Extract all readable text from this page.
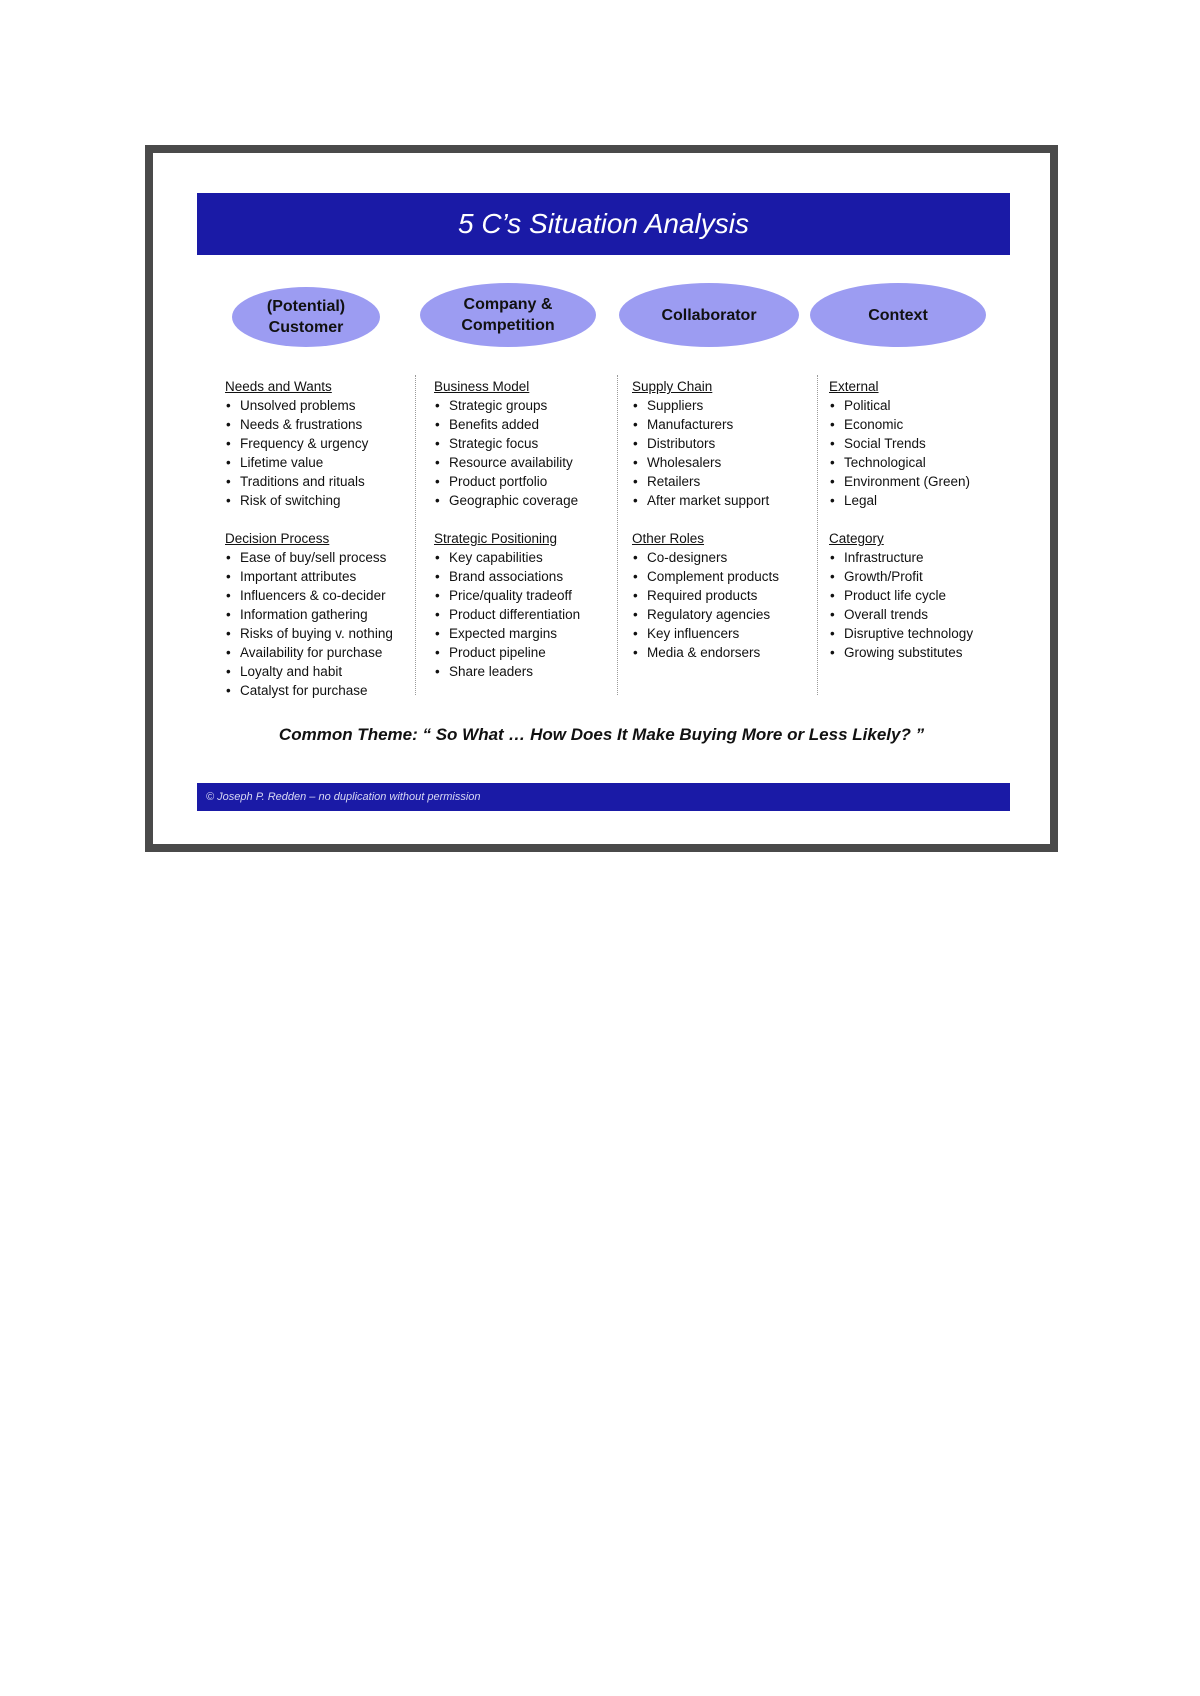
5 C’s Situation Analysis
(Potential)
Customer
Company &
Competition
Collaborator	Context
Needs and Wants
• Unsolved problems
• Needs & frustrations
• Frequency & urgency
• Lifetime value
• Traditions and rituals
• Risk of switching
Decision Process
• Ease of buy/sell process
• Important attributes
• Influencers & co-decider
• Information gathering
• Risks of buying v. nothing
• Availability for purchase
• Loyalty and habit
• Catalyst for purchase
Business Model
• Strategic groups
• Benefits added
• Strategic focus
• Resource availability
• Product portfolio
• Geographic coverage
Strategic Positioning
• Key capabilities
• Brand associations
• Price/quality tradeoff
• Product differentiation
• Expected margins
• Product pipeline
• Share leaders
Supply Chain
• Suppliers
• Manufacturers
• Distributors
• Wholesalers
• Retailers
• After market support
Other Roles
• Co-designers
• Complement products
• Required products
• Regulatory agencies
• Key influencers
• Media & endorsers
External
• Political
• Economic
• Social Trends
• Technological
• Environment (Green)
• Legal
Category
• Infrastructure
• Growth/Profit
• Product life cycle
• Overall trends
• Disruptive technology
• Growing substitutes
Common Theme: “ So What … How Does It Make Buying More or Less Likely? ”
© Joseph P. Redden – no duplication without permission
